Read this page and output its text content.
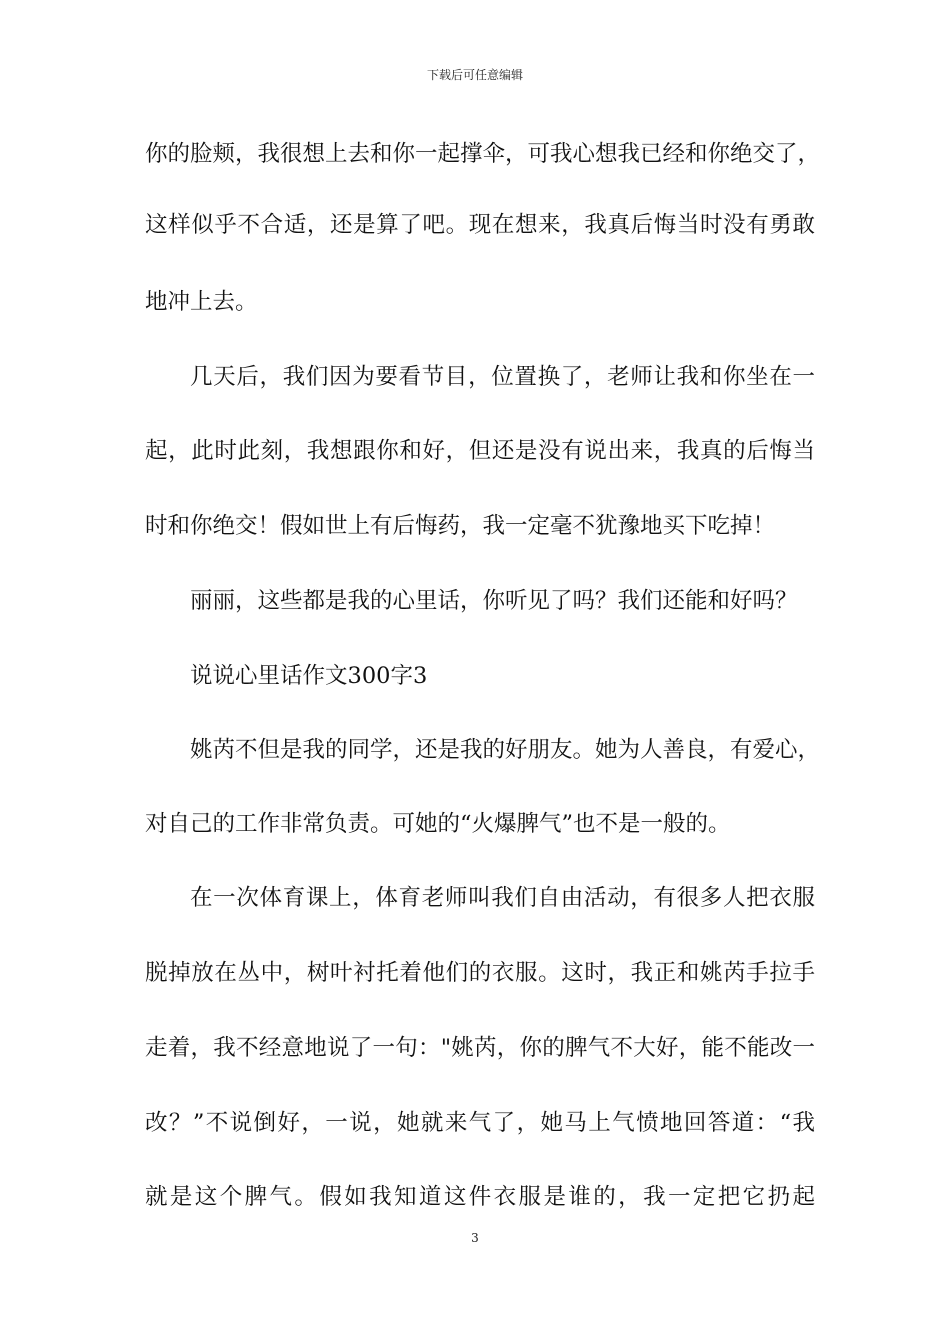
下载后可任意编辑
你的脸颊，我很想上去和你一起撑伞，可我心想我已经和你绝交了，
这样似乎不合适，还是算了吧。现在想来，我真后悔当时没有勇敢
地冲上去。
几天后，我们因为要看节目，位置换了，老师让我和你坐在一
起，此时此刻，我想跟你和好，但还是没有说出来，我真的后悔当
时和你绝交！假如世上有后悔药，我一定毫不犹豫地买下吃掉！
丽丽，这些都是我的心里话，你听见了吗？我们还能和好吗？
说说心里话作文300字3
姚芮不但是我的同学，还是我的好朋友。她为人善良，有爱心，
对自己的工作非常负责。可她的“火爆脾气”也不是一般的。
在一次体育课上，体育老师叫我们自由活动，有很多人把衣服
脱掉放在丛中，树叶衬托着他们的衣服。这时，我正和姚芮手拉手
走着，我不经意地说了一句："姚芮，你的脾气不大好，能不能改一
改？”不说倒好，一说，她就来气了，她马上气愤地回答道：“我
就是这个脾气。假如我知道这件衣服是谁的，我一定把它扔起
3
